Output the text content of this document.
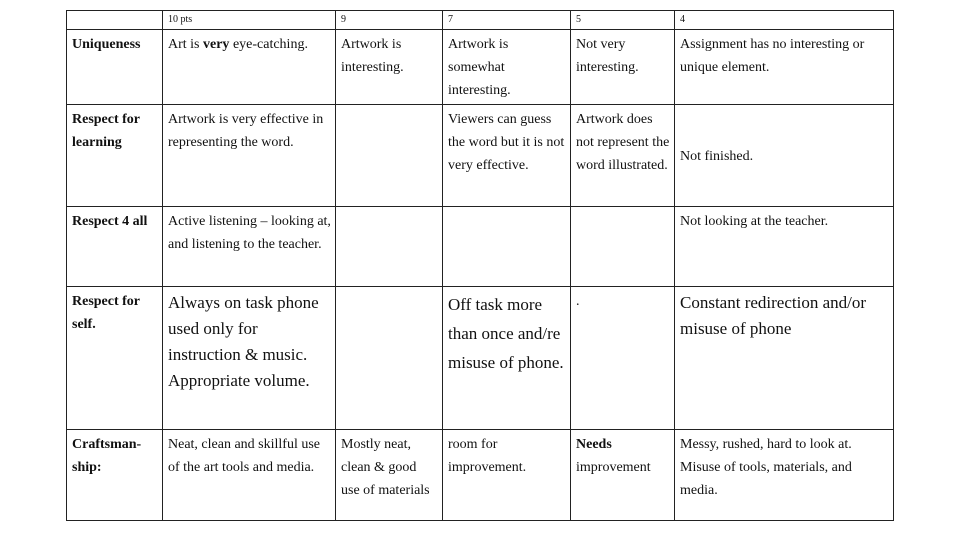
	10 pts	9	7	5	4
Uniqueness	Art is very eye-catching.	Artwork is interesting.	Artwork is somewhat interesting.	Not very interesting.	Assignment has no interesting or unique element.
Respect for learning	Artwork is very effective in representing the word.		Viewers can guess the word but it is not very effective.	Artwork does not represent the word illustrated.	Not finished.
Respect 4 all	Active listening – looking at, and listening to the teacher.				Not looking at the teacher.
Respect for self.	Always on task phone used only for instruction & music. Appropriate volume.		Off task more than once and/re misuse of phone.	.	Constant redirection and/or misuse of phone
Craftsman-ship:	Neat, clean and skillful use of the art tools and media.	Mostly neat, clean & good use of materials	room for improvement.	Needs improvement	Messy, rushed, hard to look at. Misuse of tools, materials, and media.
